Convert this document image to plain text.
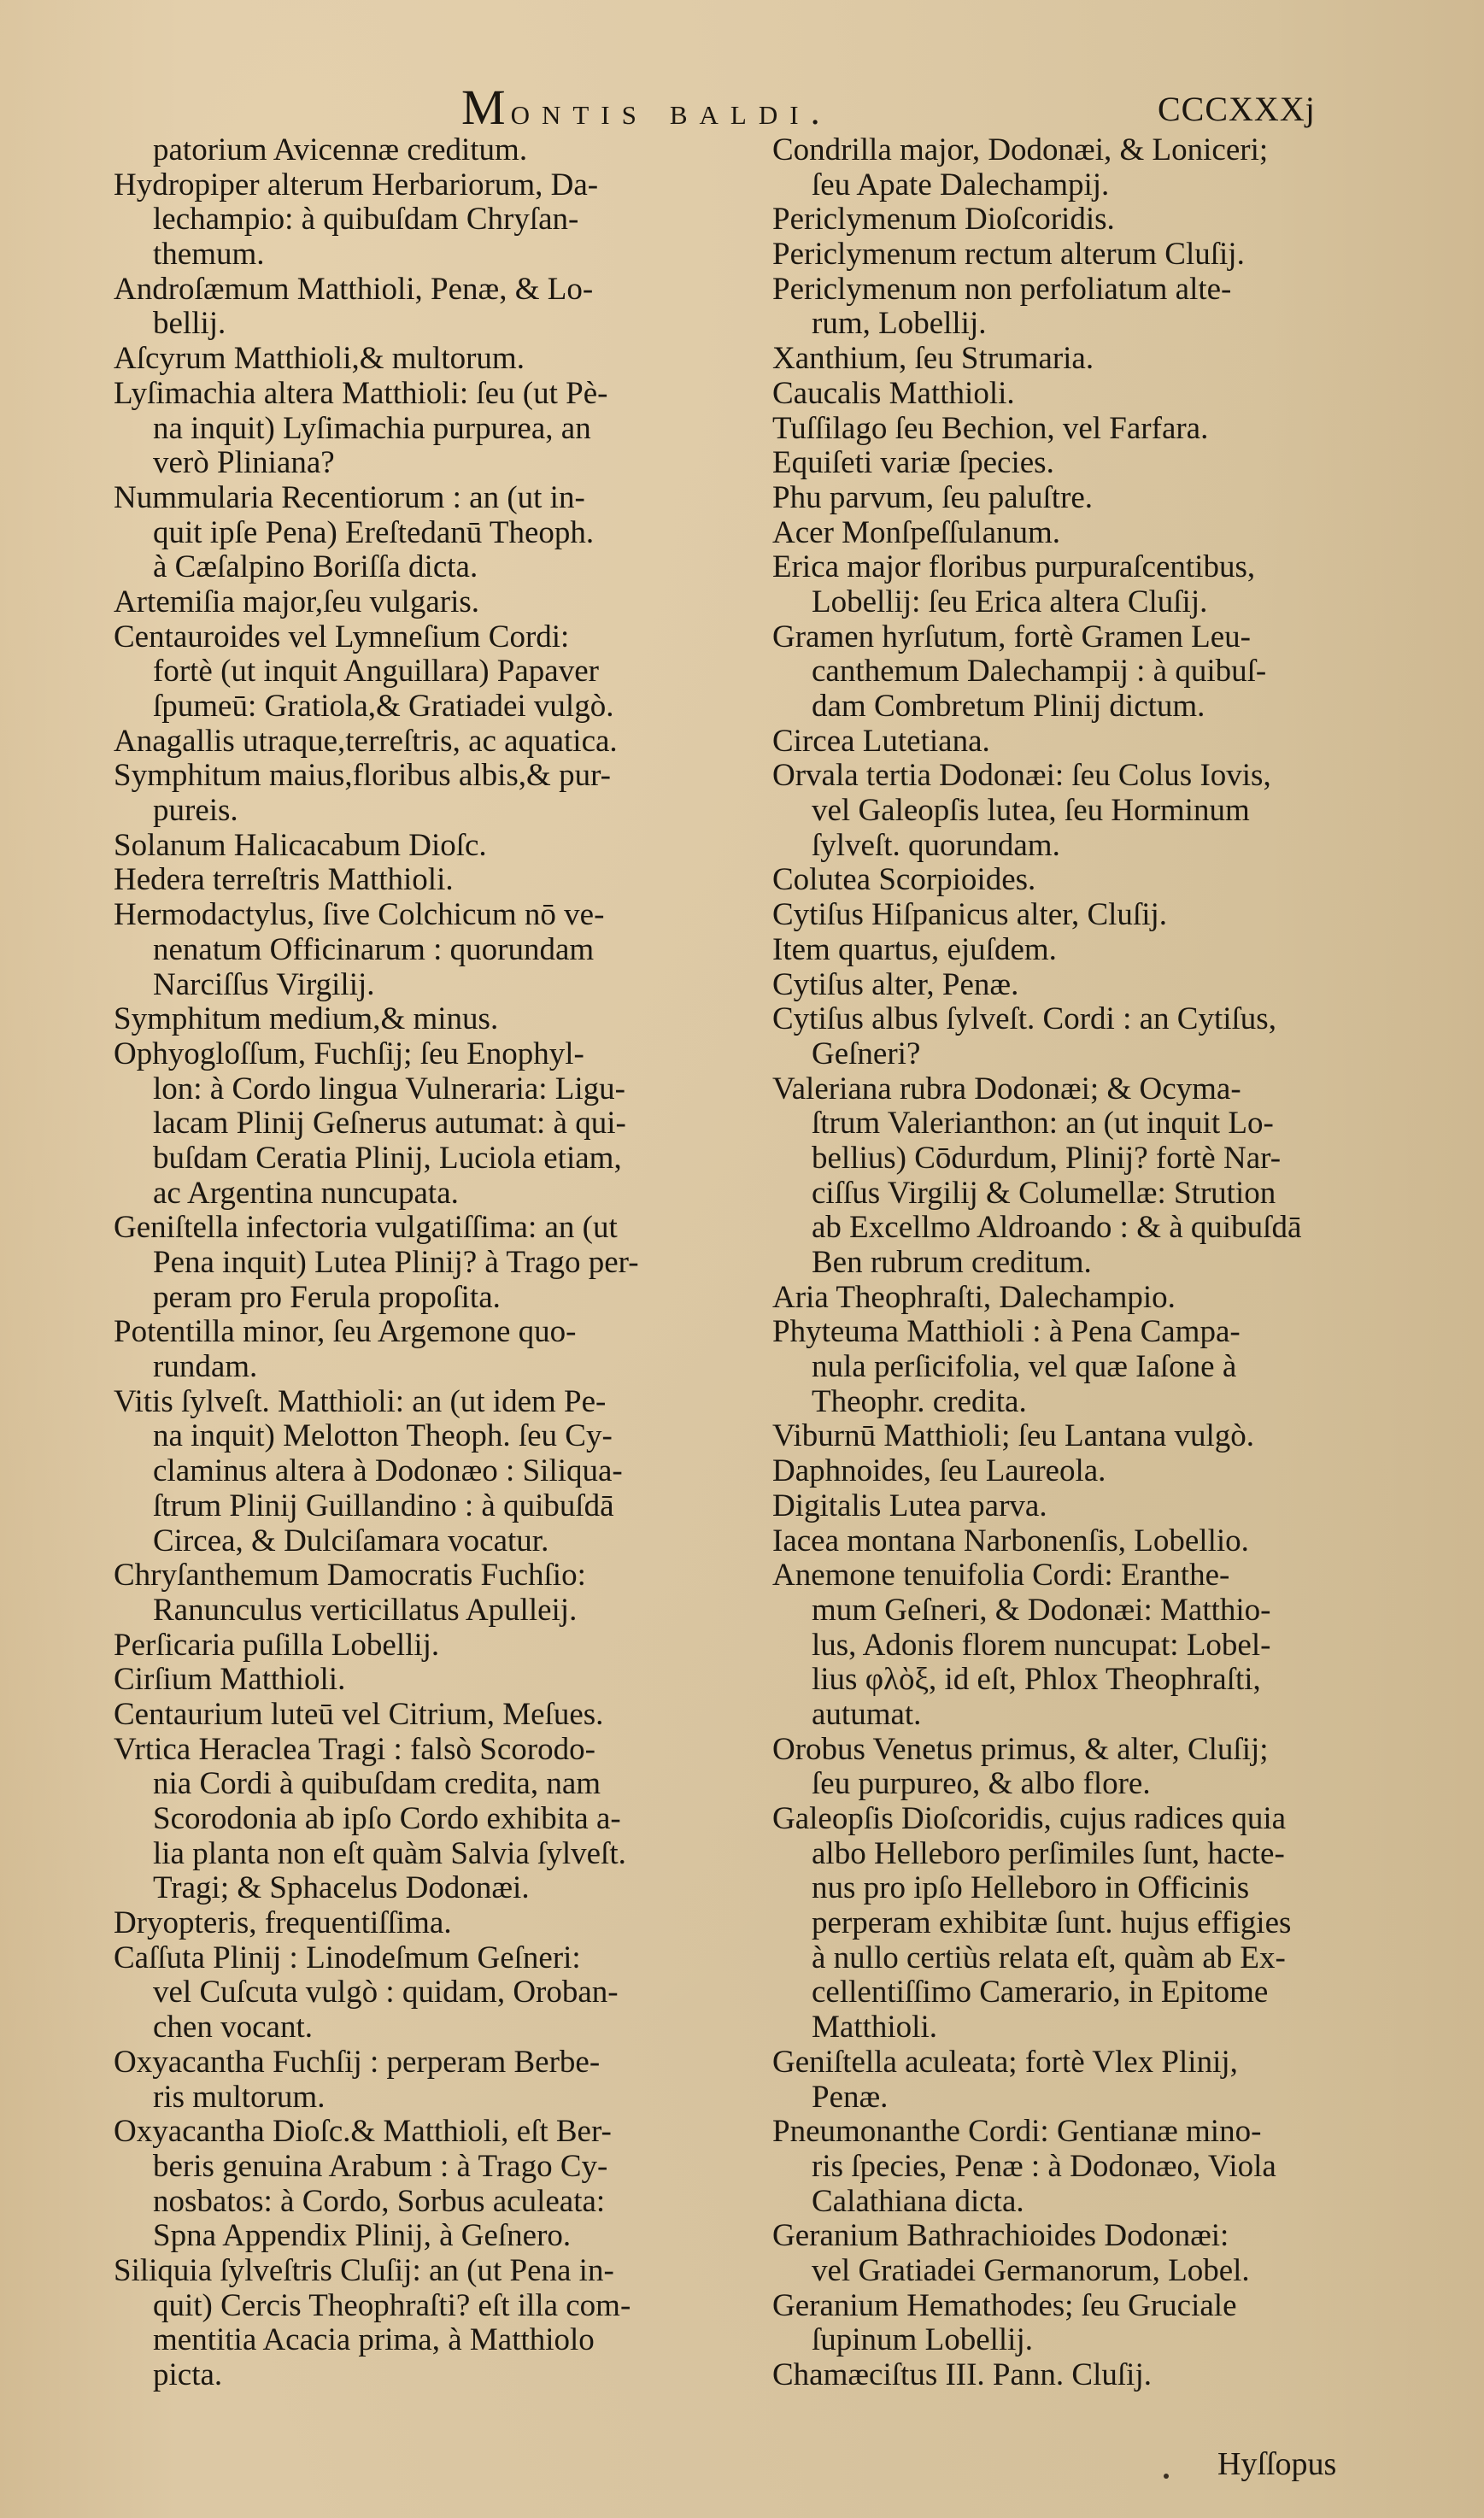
Montis baldi.	CCCXXXj
patorium Avicennæ creditum.
Hydropiper alterum Herbariorum, Da-
lechampio: à quibuſdam Chryſan-
themum.
Androſæmum Matthioli, Penæ, & Lo-
bellij.
Aſcyrum Matthioli,& multorum.
Lyſimachia altera Matthioli: ſeu (ut Pè-
na inquit) Lyſimachia purpurea, an
verò Pliniana?
Nummularia Recentiorum : an (ut in-
quit ipſe Pena) Ereſtedanū Theoph.
à Cæſalpino Boriſſa dicta.
Artemiſia major,ſeu vulgaris.
Centauroides vel Lymneſium Cordi:
fortè (ut inquit Anguillara) Papaver
ſpumeū: Gratiola,& Gratiadei vulgò.
Anagallis utraque,terreſtris, ac aquatica.
Symphitum maius,floribus albis,& pur-
pureis.
Solanum Halicacabum Dioſc.
Hedera terreſtris Matthioli.
Hermodactylus, ſive Colchicum nō ve-
nenatum Officinarum : quorundam
Narciſſus Virgilij.
Symphitum medium,& minus.
Ophyogloſſum, Fuchſij; ſeu Enophyl-
lon: à Cordo lingua Vulneraria: Ligu-
lacam Plinij Geſnerus autumat: à qui-
buſdam Ceratia Plinij, Luciola etiam,
ac Argentina nuncupata.
Geniſtella infectoria vulgatiſſima: an (ut
Pena inquit) Lutea Plinij? à Trago per-
peram pro Ferula propoſita.
Potentilla minor, ſeu Argemone quo-
rundam.
Vitis ſylveſt. Matthioli: an (ut idem Pe-
na inquit) Melotton Theoph. ſeu Cy-
claminus altera à Dodonæo : Siliqua-
ſtrum Plinij Guillandino : à quibuſdā
Circea, & Dulciſamara vocatur.
Chryſanthemum Damocratis Fuchſio:
Ranunculus verticillatus Apulleij.
Perſicaria puſilla Lobellij.
Cirſium Matthioli.
Centaurium luteū vel Citrium, Meſues.
Vrtica Heraclea Tragi : falsò Scorodo-
nia Cordi à quibuſdam credita, nam
Scorodonia ab ipſo Cordo exhibita a-
lia planta non eſt quàm Salvia ſylveſt.
Tragi; & Sphacelus Dodonæi.
Dryopteris, frequentiſſima.
Caſſuta Plinij : Linodeſmum Geſneri:
vel Cuſcuta vulgò : quidam, Oroban-
chen vocant.
Oxyacantha Fuchſij : perperam Berbe-
ris multorum.
Oxyacantha Dioſc.& Matthioli, eſt Ber-
beris genuina Arabum : à Trago Cy-
nosbatos: à Cordo, Sorbus aculeata:
Spna Appendix Plinij, à Geſnero.
Siliquia ſylveſtris Cluſij: an (ut Pena in-
quit) Cercis Theophraſti? eſt illa com-
mentitia Acacia prima, à Matthiolo
picta.
Condrilla major, Dodonæi, & Loniceri;
ſeu Apate Dalechampij.
Periclymenum Dioſcoridis.
Periclymenum rectum alterum Cluſij.
Periclymenum non perfoliatum alte-
rum, Lobellij.
Xanthium, ſeu Strumaria.
Caucalis Matthioli.
Tuſſilago ſeu Bechion, vel Farfara.
Equiſeti variæ ſpecies.
Phu parvum, ſeu paluſtre.
Acer Monſpeſſulanum.
Erica major floribus purpuraſcentibus,
Lobellij: ſeu Erica altera Cluſij.
Gramen hyrſutum, fortè Gramen Leu-
canthemum Dalechampij : à quibuſ-
dam Combretum Plinij dictum.
Circea Lutetiana.
Orvala tertia Dodonæi: ſeu Colus Iovis,
vel Galeopſis lutea, ſeu Horminum
ſylveſt. quorundam.
Colutea Scorpioides.
Cytiſus Hiſpanicus alter, Cluſij.
Item quartus, ejuſdem.
Cytiſus alter, Penæ.
Cytiſus albus ſylveſt. Cordi : an Cytiſus,
Geſneri?
Valeriana rubra Dodonæi; & Ocyma-
ſtrum Valerianthon: an (ut inquit Lo-
bellius) Cōdurdum, Plinij? fortè Nar-
ciſſus Virgilij & Columellæ: Strution
ab Excellmo Aldroando : & à quibuſdā
Ben rubrum creditum.
Aria Theophraſti, Dalechampio.
Phyteuma Matthioli : à Pena Campa-
nula perſicifolia, vel quæ Iaſone à
Theophr. credita.
Viburnū Matthioli; ſeu Lantana vulgò.
Daphnoides, ſeu Laureola.
Digitalis Lutea parva.
Iacea montana Narbonenſis, Lobellio.
Anemone tenuifolia Cordi: Eranthe-
mum Geſneri, & Dodonæi: Matthio-
lus, Adonis florem nuncupat: Lobel-
lius φλὸξ, id eſt, Phlox Theophraſti,
autumat.
Orobus Venetus primus, & alter, Cluſij;
ſeu purpureo, & albo flore.
Galeopſis Dioſcoridis, cujus radices quia
albo Helleboro perſimiles ſunt, hacte-
nus pro ipſo Helleboro in Officinis
perperam exhibitæ ſunt. hujus effigies
à nullo certiùs relata eſt, quàm ab Ex-
cellentiſſimo Camerario, in Epitome
Matthioli.
Geniſtella aculeata; fortè Vlex Plinij,
Penæ.
Pneumonanthe Cordi: Gentianæ mino-
ris ſpecies, Penæ : à Dodonæo, Viola
Calathiana dicta.
Geranium Bathrachioides Dodonæi:
vel Gratiadei Germanorum, Lobel.
Geranium Hemathodes; ſeu Gruciale
ſupinum Lobellij.
Chamæciſtus III. Pann. Cluſij.
Hyſſopus
